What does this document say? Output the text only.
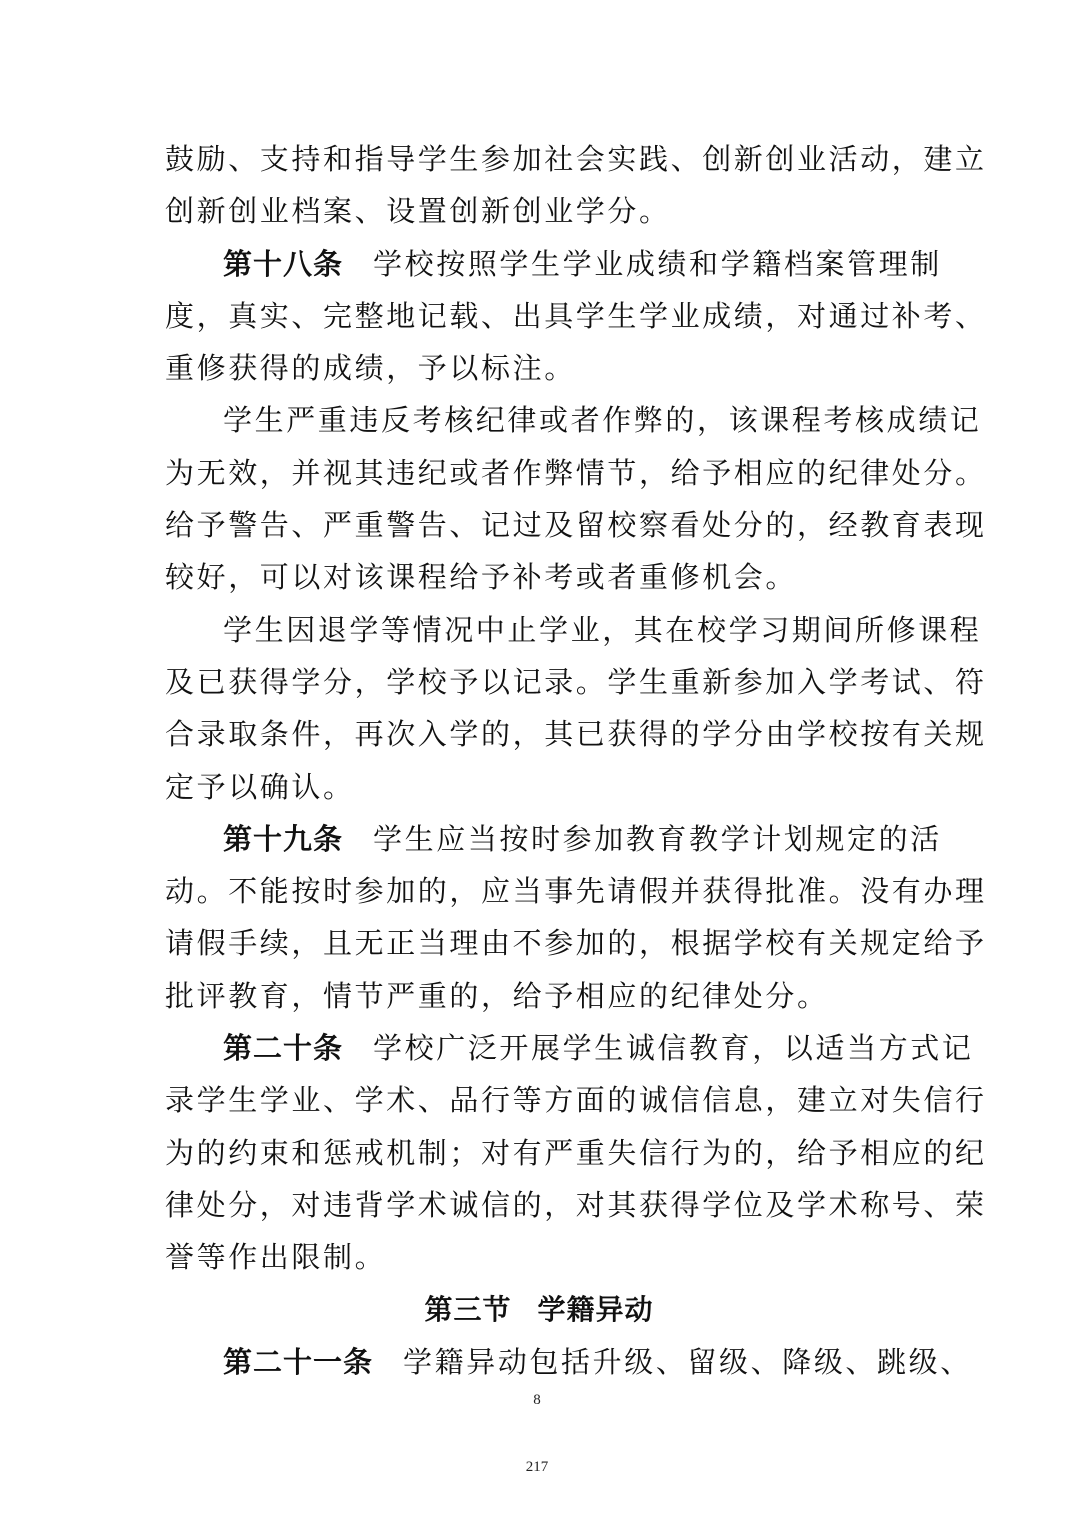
鼓励、支持和指导学生参加社会实践、创新创业活动，建立
创新创业档案、设置创新创业学分。
第十八条 学校按照学生学业成绩和学籍档案管理制
度，真实、完整地记载、出具学生学业成绩，对通过补考、
重修获得的成绩，予以标注。
学生严重违反考核纪律或者作弊的，该课程考核成绩记
为无效，并视其违纪或者作弊情节，给予相应的纪律处分。
给予警告、严重警告、记过及留校察看处分的，经教育表现
较好，可以对该课程给予补考或者重修机会。
学生因退学等情况中止学业，其在校学习期间所修课程
及已获得学分，学校予以记录。学生重新参加入学考试、符
合录取条件，再次入学的，其已获得的学分由学校按有关规
定予以确认。
第十九条 学生应当按时参加教育教学计划规定的活
动。不能按时参加的，应当事先请假并获得批准。没有办理
请假手续，且无正当理由不参加的，根据学校有关规定给予
批评教育，情节严重的，给予相应的纪律处分。
第二十条 学校广泛开展学生诚信教育，以适当方式记
录学生学业、学术、品行等方面的诚信信息，建立对失信行
为的约束和惩戒机制；对有严重失信行为的，给予相应的纪
律处分，对违背学术诚信的，对其获得学位及学术称号、荣
誉等作出限制。
第三节 学籍异动
第二十一条 学籍异动包括升级、留级、降级、跳级、
8
217
